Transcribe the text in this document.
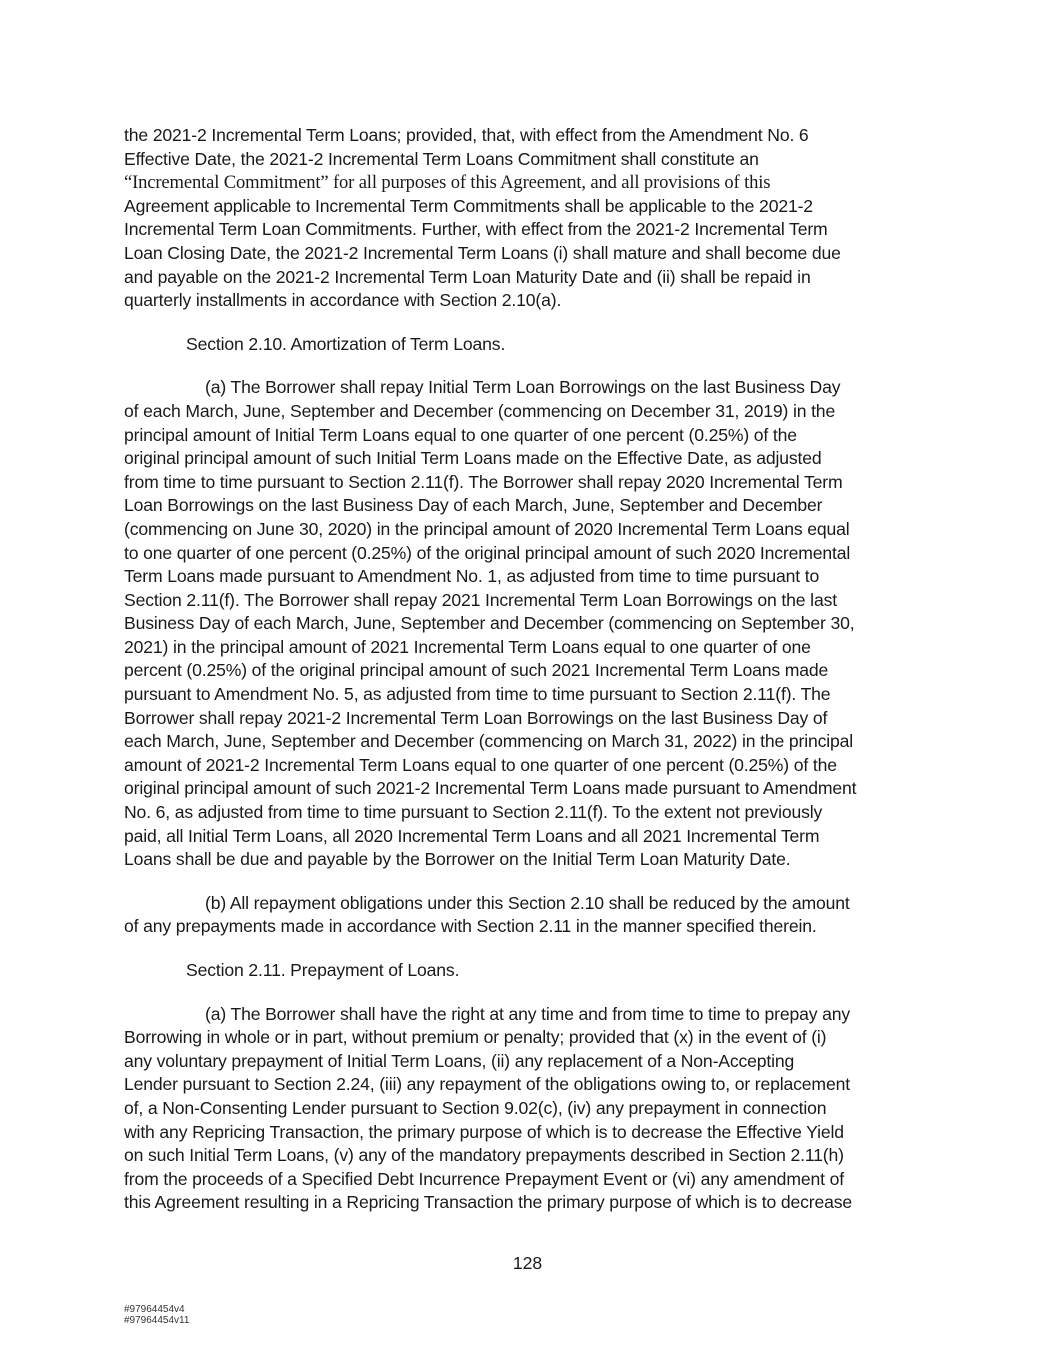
the 2021-2 Incremental Term Loans; provided, that, with effect from the Amendment No. 6
Effective Date, the 2021-2 Incremental Term Loans Commitment shall constitute an
“Incremental Commitment” for all purposes of this Agreement, and all provisions of this
Agreement applicable to Incremental Term Commitments shall be applicable to the 2021-2
Incremental Term Loan Commitments. Further, with effect from the 2021-2 Incremental Term
Loan Closing Date, the 2021-2 Incremental Term Loans (i) shall mature and shall become due
and payable on the 2021-2 Incremental Term Loan Maturity Date and (ii) shall be repaid in
quarterly installments in accordance with Section 2.10(a).
Section 2.10. Amortization of Term Loans.
(a) The Borrower shall repay Initial Term Loan Borrowings on the last Business Day
of each March, June, September and December (commencing on December 31, 2019) in the
principal amount of Initial Term Loans equal to one quarter of one percent (0.25%) of the
original principal amount of such Initial Term Loans made on the Effective Date, as adjusted
from time to time pursuant to Section 2.11(f). The Borrower shall repay 2020 Incremental Term
Loan Borrowings on the last Business Day of each March, June, September and December
(commencing on June 30, 2020) in the principal amount of 2020 Incremental Term Loans equal
to one quarter of one percent (0.25%) of the original principal amount of such 2020 Incremental
Term Loans made pursuant to Amendment No. 1, as adjusted from time to time pursuant to
Section 2.11(f). The Borrower shall repay 2021 Incremental Term Loan Borrowings on the last
Business Day of each March, June, September and December (commencing on September 30,
2021) in the principal amount of 2021 Incremental Term Loans equal to one quarter of one
percent (0.25%) of the original principal amount of such 2021 Incremental Term Loans made
pursuant to Amendment No. 5, as adjusted from time to time pursuant to Section 2.11(f). The
Borrower shall repay 2021-2 Incremental Term Loan Borrowings on the last Business Day of
each March, June, September and December (commencing on March 31, 2022) in the principal
amount of 2021-2 Incremental Term Loans equal to one quarter of one percent (0.25%) of the
original principal amount of such 2021-2 Incremental Term Loans made pursuant to Amendment
No. 6, as adjusted from time to time pursuant to Section 2.11(f). To the extent not previously
paid, all Initial Term Loans, all 2020 Incremental Term Loans and all 2021 Incremental Term
Loans shall be due and payable by the Borrower on the Initial Term Loan Maturity Date.
(b) All repayment obligations under this Section 2.10 shall be reduced by the amount
of any prepayments made in accordance with Section 2.11 in the manner specified therein.
Section 2.11. Prepayment of Loans.
(a) The Borrower shall have the right at any time and from time to time to prepay any
Borrowing in whole or in part, without premium or penalty; provided that (x) in the event of (i)
any voluntary prepayment of Initial Term Loans, (ii) any replacement of a Non-Accepting
Lender pursuant to Section 2.24, (iii) any repayment of the obligations owing to, or replacement
of, a Non-Consenting Lender pursuant to Section 9.02(c), (iv) any prepayment in connection
with any Repricing Transaction, the primary purpose of which is to decrease the Effective Yield
on such Initial Term Loans, (v) any of the mandatory prepayments described in Section 2.11(h)
from the proceeds of a Specified Debt Incurrence Prepayment Event or (vi) any amendment of
this Agreement resulting in a Repricing Transaction the primary purpose of which is to decrease
128
#97964454v4
#97964454v11
